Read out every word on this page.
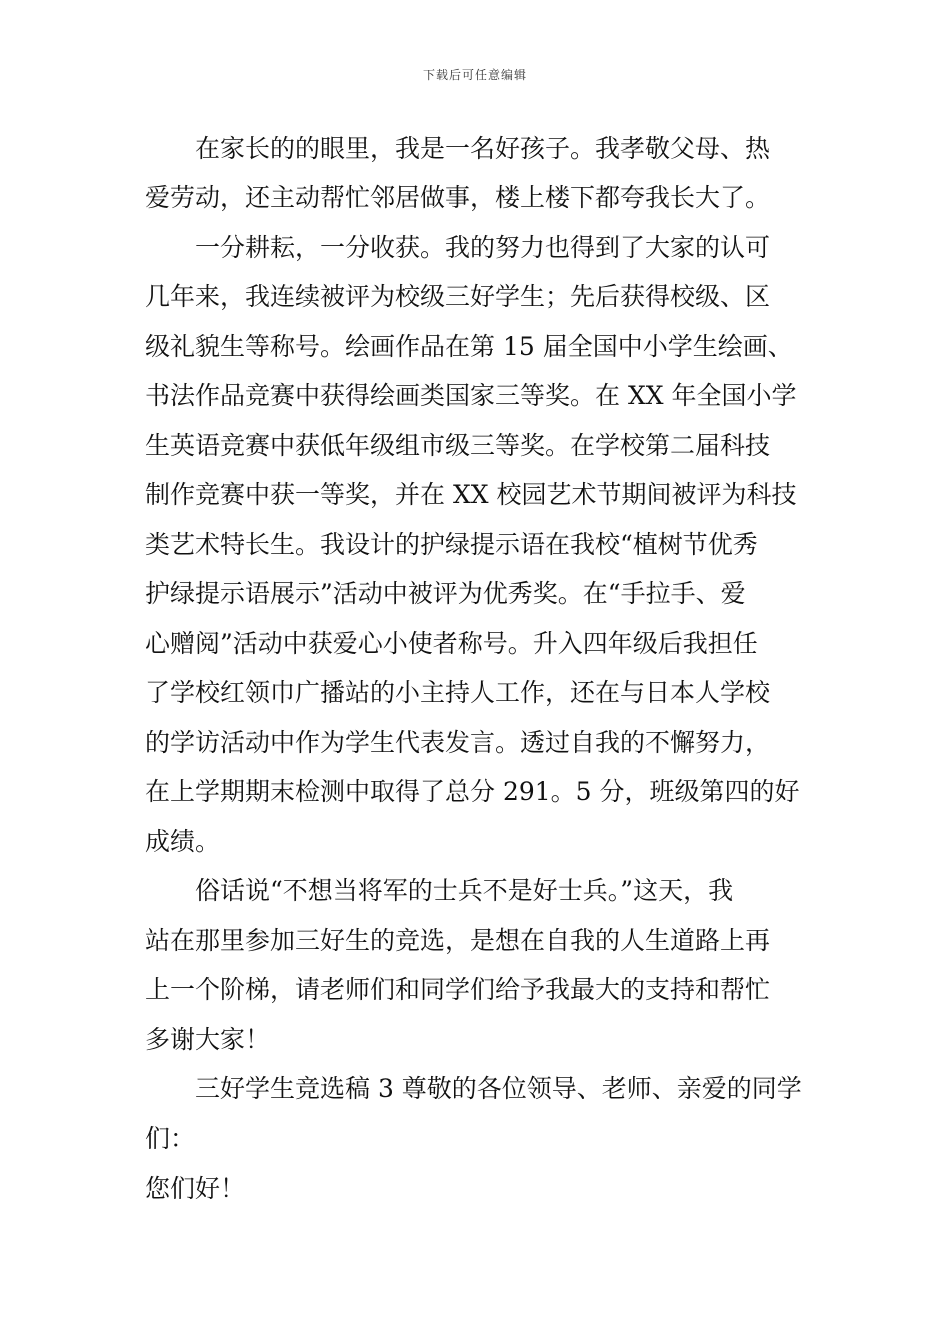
下载后可任意编辑
　　在家长的的眼里，我是一名好孩子。我孝敬父母、热
爱劳动，还主动帮忙邻居做事，楼上楼下都夸我长大了。
　　一分耕耘，一分收获。我的努力也得到了大家的认可
几年来，我连续被评为校级三好学生；先后获得校级、区
级礼貌生等称号。绘画作品在第 15 届全国中小学生绘画、
书法作品竞赛中获得绘画类国家三等奖。在 XX 年全国小学
生英语竞赛中获低年级组市级三等奖。在学校第二届科技
制作竞赛中获一等奖，并在 XX 校园艺术节期间被评为科技
类艺术特长生。我设计的护绿提示语在我校“植树节优秀
护绿提示语展示”活动中被评为优秀奖。在“手拉手、爱
心赠阅”活动中获爱心小使者称号。升入四年级后我担任
了学校红领巾广播站的小主持人工作，还在与日本人学校
的学访活动中作为学生代表发言。透过自我的不懈努力，
在上学期期末检测中取得了总分 291。5 分，班级第四的好
成绩。
　　俗话说“不想当将军的士兵不是好士兵。”这天，我
站在那里参加三好生的竞选，是想在自我的人生道路上再
上一个阶梯，请老师们和同学们给予我最大的支持和帮忙
多谢大家！
　　三好学生竞选稿 3 尊敬的各位领导、老师、亲爱的同学
们：
您们好！
